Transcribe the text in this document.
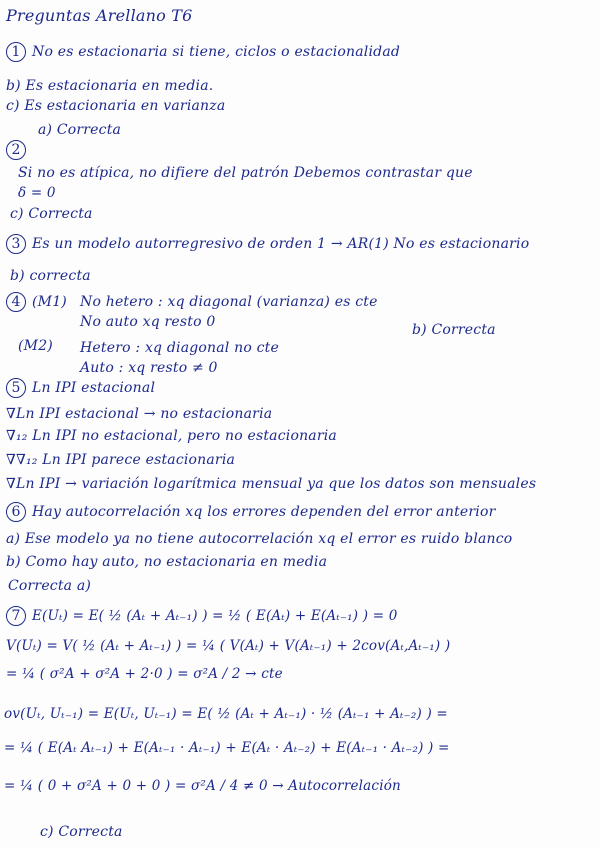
Preguntas Arellano T6
1 No es estacionaria si tiene, ciclos o estacionalidad
b) Es estacionaria en media.
c) Es estacionaria en varianza
a) Correcta
2
Si no es atípica, no difiere del patrón Debemos contrastar que
δ = 0
c) Correcta
3 Es un modelo autorregresivo de orden 1 → AR(1) No es estacionario
b) correcta
4 (M1) No hetero : xq diagonal (varianza) es cte
No auto xq resto 0	b) Correcta
(M2) Hetero : xq diagonal no cte
Auto : xq resto ≠ 0
5 Ln IPI estacional
∇Ln IPI estacional → no estacionaria
∇₁₂ Ln IPI no estacional, pero no estacionaria
∇∇₁₂ Ln IPI parece estacionaria
∇Ln IPI → variación logarítmica mensual ya que los datos son mensuales
6 Hay autocorrelación xq los errores dependen del error anterior
a) Ese modelo ya no tiene autocorrelación xq el error es ruido blanco
b) Como hay auto, no estacionaria en media
Correcta a)
7 E(Uₜ) = E( ½ (Aₜ + Aₜ₋₁) ) = ½ ( E(Aₜ) + E(Aₜ₋₁) ) = 0
V(Uₜ) = V( ½ (Aₜ + Aₜ₋₁) ) = ¼ ( V(Aₜ) + V(Aₜ₋₁) + 2cov(Aₜ,Aₜ₋₁) )
= ¼ ( σ²A + σ²A + 2·0 ) = σ²A / 2 → cte
ov(Uₜ, Uₜ₋₁) = E(Uₜ, Uₜ₋₁) = E( ½ (Aₜ + Aₜ₋₁) · ½ (Aₜ₋₁ + Aₜ₋₂) ) =
= ¼ ( E(Aₜ Aₜ₋₁) + E(Aₜ₋₁ · Aₜ₋₁) + E(Aₜ · Aₜ₋₂) + E(Aₜ₋₁ · Aₜ₋₂) ) =
= ¼ ( 0 + σ²A + 0 + 0 ) = σ²A / 4 ≠ 0 → Autocorrelación
c) Correcta
